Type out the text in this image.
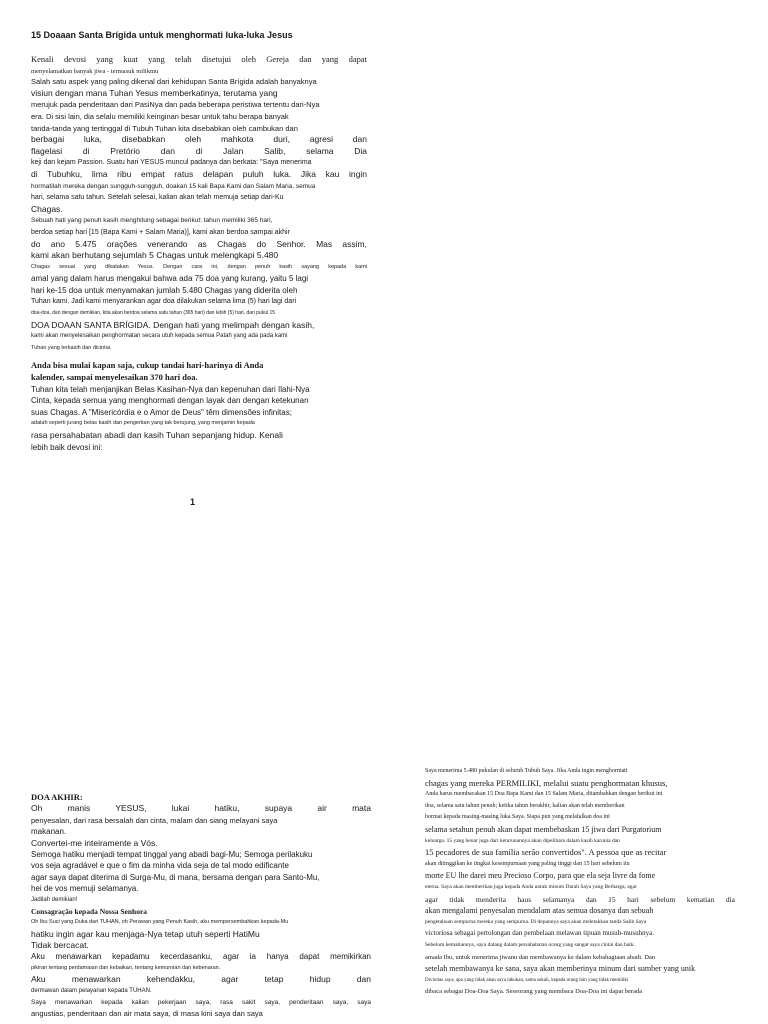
15 Doaaan Santa Brígida untuk menghormati luka-luka Jesus

Kenali devosi yang kuat yang telah disetujui oleh Gereja dan yang dapat

menyelamatkan banyak jiwa - termasuk milikmu

Salah satu aspek yang paling dikenal dari kehidupan Santa Brígida adalah banyaknya

visiun dengan mana Tuhan Yesus memberkatinya, terutama yang

merujuk pada penderitaan dari PasiNya dan pada beberapa peristiwa tertentu dari-Nya

era. Di sisi lain, dia selalu memiliki keinginan besar untuk tahu berapa banyak

tanda-tanda yang tertinggal di Tubuh Tuhan kita disebabkan oleh cambukan dan

berbagai luka, disebabkan oleh mahkota duri, agresi dan

flagelasi di Pretório dan di Jalan Salib, selama Dia

keji dan kejam Passion. Suatu hari YESUS muncul padanya dan berkata: "Saya menerima

di Tubuhku, lima ribu empat ratus delapan puluh luka. Jika kau ingin

hormatilah mereka dengan sungguh-sungguh, doakan 15 kali Bapa Kami dan Salam Maria, semua

hari, selama satu tahun. Setelah selesai, kalian akan telah memuja setiap dari-Ku

Chagas.

Sebuah hati yang penuh kasih menghitung sebagai berikut: tahun memiliki 365 hari,

berdoa setiap hari [15 (Bapa Kami + Salam Maria)], kami akan berdoa sampai akhir

do ano 5.475 orações venerando as Chagas do Senhor. Mas assim,

kami akan berhutang sejumlah 5 Chagas untuk melengkapi 5.480

Chagas sesuai yang dikatakan Yesus. Dengan cara ini, dengan penuh kasih sayang kepada kami

amal yang dalam harus mengakui bahwa ada 75 doa yang kurang, yaitu 5 lagi

hari ke-15 doa untuk menyamakan jumlah 5.480 Chagas yang diderita oleh

Tuhan kami. Jadi kami menyarankan agar doa dilakukan selama lima (5) hari lagi dari

doa-doa, dan dengan demikian, kita akan berdoa selama satu tahun (365 hari) dan lebih (5) hari, dari pukul 15

DOA DOAAN SANTA BRÍGIDA. Dengan hati yang melimpah dengan kasih,

kami akan menyelesaikan penghormatan secara utuh kepada semua Patah yang ada pada kami

Tuhan yang terkasih dan dicintai.

Anda bisa mulai kapan saja, cukup tandai hari-harinya di Anda

kalender, sampai menyelesaikan 370 hari doa.

Tuhan kita telah menjanjikan Belas Kasihan-Nya dan kepenuhan dari Ilahi-Nya

Cinta, kepada semua yang menghormati dengan layak dan dengan ketekunan

suas Chagas. A "Misericórdia e o Amor de Deus" têm dimensões infinitas;

adalah seperti jurang belas kasih dan pengertian yang tak berujung, yang menjamin kepada

rasa persahabatan abadi dan kasih Tuhan sepanjang hidup. Kenali

lebih baik devosi ini:

1

DOA AKHIR:

Oh manis YESUS, lukai hatiku, supaya air mata

penyesalan, dari rasa bersalah dan cinta, malam dan siang melayani saya

makanan.

Convertei-me inteiramente a Vós.

Semoga hatiku menjadi tempat tinggal yang abadi bagi-Mu; Semoga perilakuku

vos seja agradável e que o fim da minha vida seja de tal modo edificante

agar saya dapat diterima di Surga-Mu, di mana, bersama dengan para Santo-Mu,

hei de vos memuji selamanya.

Jadilah demikian!

Consagração kepada Nossa Senhora

Oh Ibu Suci yang Duka dari TUHAN, oh Perawan yang Penuh Kasih, aku mempersembahkan kepada-Mu

hatiku ingin agar kau menjaga-Nya tetap utuh seperti HatiMu

Tidak bercacat.

Aku menawarkan kepadamu kecerdasanku, agar ia hanya dapat memikirkan

pikiran tentang perdamaian dan kebaikan, tentang kemurnian dan kebenaran.

Aku menawarkan kehendakku, agar tetap hidup dan

dermawan dalam pelayanan kepada TUHAN.

Saya menawarkan kepada kalian pekerjaan saya, rasa sakit saya, penderitaan saya, saya

angustias, penderitaan dan air mata saya, di masa kini saya dan saya

Saya menerima 5.480 pukulan di seluruh Tubuh Saya. Jika Anda ingin menghormati

chagas yang mereka PERMILIKI, melalui suatu penghormatan khusus,

Anda harus membacakan 15 Doa Bapa Kami dan 15 Salam Maria, ditambahkan dengan berikut ini

doa, selama satu tahun penuh; ketika tahun berakhir, kalian akan telah memberikan

hormat kepada masing-masing luka Saya. Siapa pun yang melafalkan doa ini

selama setahun penuh akan dapat membebaskan 15 jiwa dari Purgatorium

keluarga. 15 yang benar juga dari keturunannya akan dipelihara dalam kasih karunia dan

15 pecadores de sua família serão convertidos". A pessoa que as recitar

akan ditinggikan ke tingkat kesempurnaan yang paling tinggi dan 15 hari sebelum itu

morte EU lhe darei meu Precioso Corpo, para que ela seja livre da fome

eterna. Saya akan memberikan juga kepada Anda untuk minum Darah Saya yang Berharga, agar

agar tidak menderita haus selamanya dan 15 hari sebelum kematian dia

akan mengalami penyesalan mendalam atas semua dosanya dan sebuah

pengetahuan sempurna mereka yang sempurna. Di depannya saya akan meletakkan tanda Salib Saya

victoriosa sebagai pertolongan dan pembelaan melawan tipuan musuh-musuhnya.

Sebelum kematiannya, saya datang dalam persahabatan orang yang sangat saya cintai dan baik.

amada Ibu, untuk menerima jiwanu dan membawanya ke dalam kebahagiaan abadi. Dan

setelah membawanya ke sana, saya akan memberinya minum dari sumber yang unik

Divinitas saya, apa yang tidak akan saya lakukan, sama sekali, kepada orang lain yang tidak memiliki

dibaca sebagai Doa-Doa Saya. Seseorang yang membaca Doa-Doa ini dapat berada
